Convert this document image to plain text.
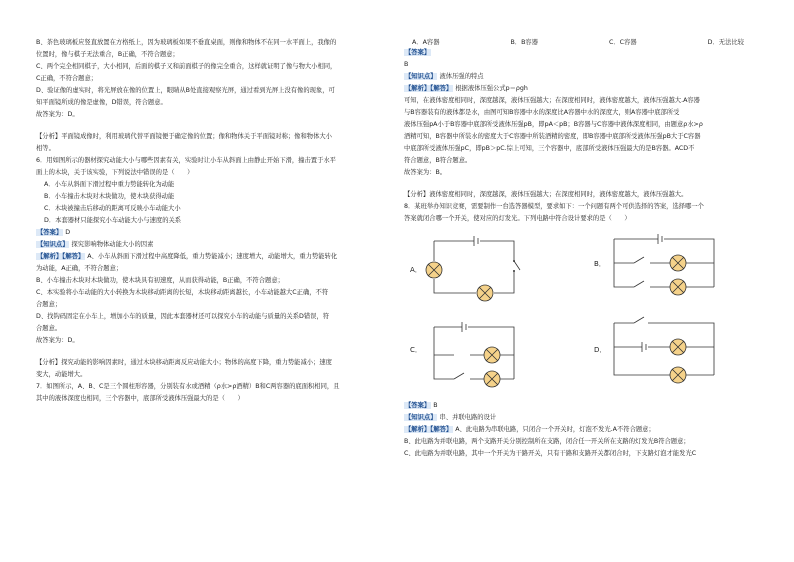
B、茶色玻璃板应竖直放置在方格纸上，因为玻璃板如果不垂直桌面，则像和物体不在同一水平面上，我像的

位置时，像与棋子无法重合，B正确，不符合题意；

C、两个完全相同棋子，大小相同，后面的棋子又和前面棋子的像完全重合，这样就证明了像与物大小相同，

C正确，不符合题意；

D、验证像的虚实时，将光屏放在像的位置上，眼睛从B处直接观察光屏，通过看到光屏上没有像的现象，可

知平面镜所成的像是虚像，D错误，符合题意。

故答案为：D。

【分析】平面镜成像时，利用玻璃代替平面镜便于确定像的位置；像和物体关于平面镜对称；像和物体大小

相等。

6．用如图所示的器材探究动能大小与哪些因素有关，实验时让小车从斜面上由静止开始下滑，撞击置于水平

面上的木块，关于该实验，下列说法中错误的是（　　）

A．小车从斜面下滑过程中重力势能转化为动能

B．小车撞击木块对木块做功，使木块获得动能

C．木块被撞击后移动的距离可反映小车动能大小

D．本套器材只能探究小车动能大小与速度的关系

【答案】 D

【知识点】 探究影响物体动能大小的因素

【解析】【解答】 A、小车从斜面下滑过程中高度降低，重力势能减小；速度增大，动能增大，重力势能转化

为动能，A正确，不符合题意；

B、小车撞击木块对木块做功，使木块具有初速度，从而获得动能，B正确，不符合题意；

C、本实验将小车动能的大小转换为木块移动距离的长短，木块移动距离越长，小车动能越大C正确，不符

合题意；

D、找钩码固定在小车上，增加小车的质量，因此本套器材还可以探究小车的动能与质量的关系D错误，符

合题意。

故答案为：D。

【分析】探究动能的影响因素时，通过木块移动距离反应动能大小；物体的高度下降，重力势能减小；速度

变大，动能增大。

7．如图所示，A、B、C是三个圆柱形容器，分别装有水或酒精（ρ水>ρ酒精）B和C两容器的底面积相同，且

其中的液体深度也相同，三个容器中，底部所受液体压强最大的是（　　）

A．A容器	B．B容器	C．C容器	D．无法比较

【答案】

B

【知识点】 液体压强的特点

【解析】【解答】 根据液体压强公式p＝ρgh

可知，在液体密度相同时，深度越深，液体压强越大；在深度相同时，液体密度越大，液体压强越大.A容器

与B容器装有的液体都是水，由图可知B容器中水的深度比A容器中水的深度大，则A容器中底部所受

液体压强pA小于B容器中底部所受液体压强pB，即pA＜pB；B容器与C容器中液体深度相同，由题意ρ水>ρ

酒精可知，B容器中所装水的密度大于C容器中所装酒精的密度，即B容器中底部所受液体压强pB大于C容器

中底部所受液体压强pC，即pB＞pC.综上可知，三个容器中，底部所受液体压强最大的是B容器。ACD不

符合题意，B符合题意。

故答案为：B。

【分析】液体密度相同时，深度越深，液体压强越大；在深度相同时，液体密度越大，液体压强越大。

8．某班举办知识竞赛，需要制作一台选答器模型，要求如下：一个问题有两个可供选择的答案，选择哪一个

答案就闭合哪一个开关，使对应的灯发光。下列电路中符合设计要求的是（　　）

A．
B．
C．	D．

【答案】 B

【知识点】 串、并联电路的设计

【解析】【解答】 A、此电路为串联电路，只闭合一个开关时，灯泡不发光.A不符合题意；

B、此电路为并联电路，两个支路开关分别控制所在支路，闭合任一开关所在支路的灯发光B符合题意；

C、此电路为并联电路，其中一个开关为干路开关，只有干路和支路开关都闭合时，下支路灯泡才能发光C
